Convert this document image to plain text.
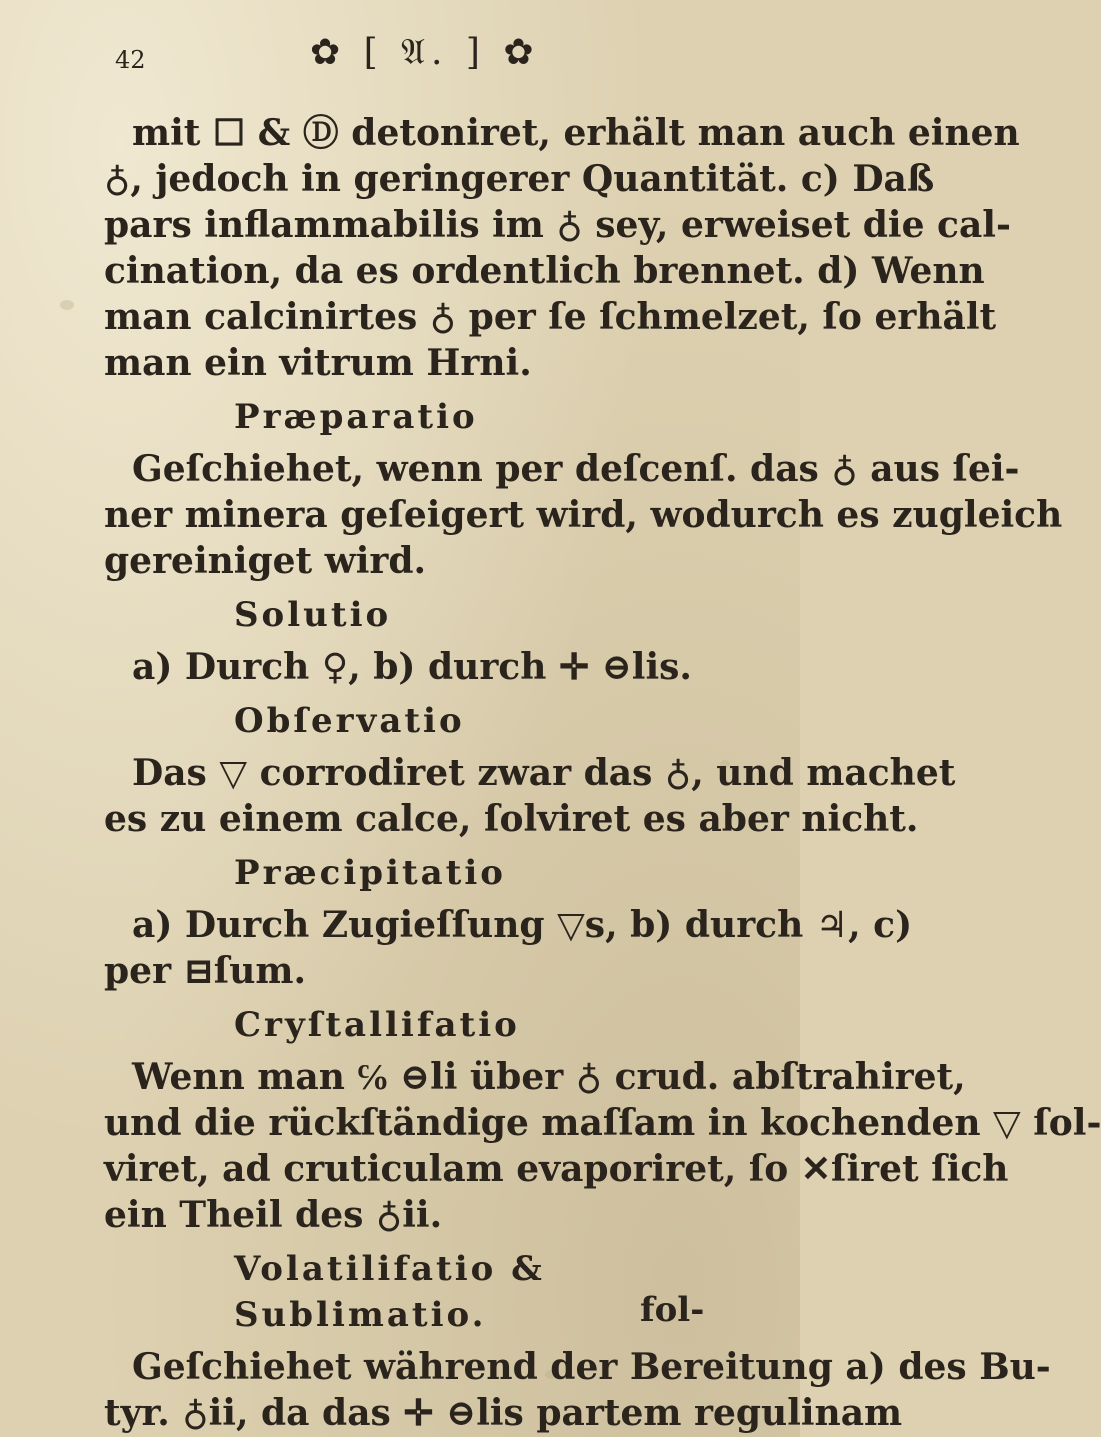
42	✿ [ 𝔄. ] ✿
mit ☐ & Ⓓ detoniret, erhält man auch einen
♁, jedoch in geringerer Quantität. c) Daß
pars inflammabilis im ♁ sey, erweiset die cal-
cination, da es ordentlich brennet. d) Wenn
man calcinirtes ♁ per ſe ſchmelzet, ſo erhält
man ein vitrum Hrni.
Præparatio
Geſchiehet, wenn per deſcenſ. das ♁ aus ſei-
ner minera geſeigert wird, wodurch es zugleich
gereiniget wird.
Solutio
a) Durch ♀, b) durch ✛ ⊖lis.
Obſervatio
Das ▽ corrodiret zwar das ♁, und machet
es zu einem calce, ſolviret es aber nicht.
Præcipitatio
a) Durch Zugieſſung ▽s, b) durch ♃, c)
per ⊟ſum.
Cryſtallifatio
Wenn man ℅ ⊖li über ♁ crud. abſtrahiret,
und die rückſtändige maſſam in kochenden ▽ ſol-
viret, ad cruticulam evaporiret, ſo ✕ſiret ſich
ein Theil des ♁ii.
Volatilifatio & Sublimatio.
Geſchiehet während der Bereitung a) des Bu-
tyr. ♁ii, da das ✛ ⊖lis partem regulinam
fol-
